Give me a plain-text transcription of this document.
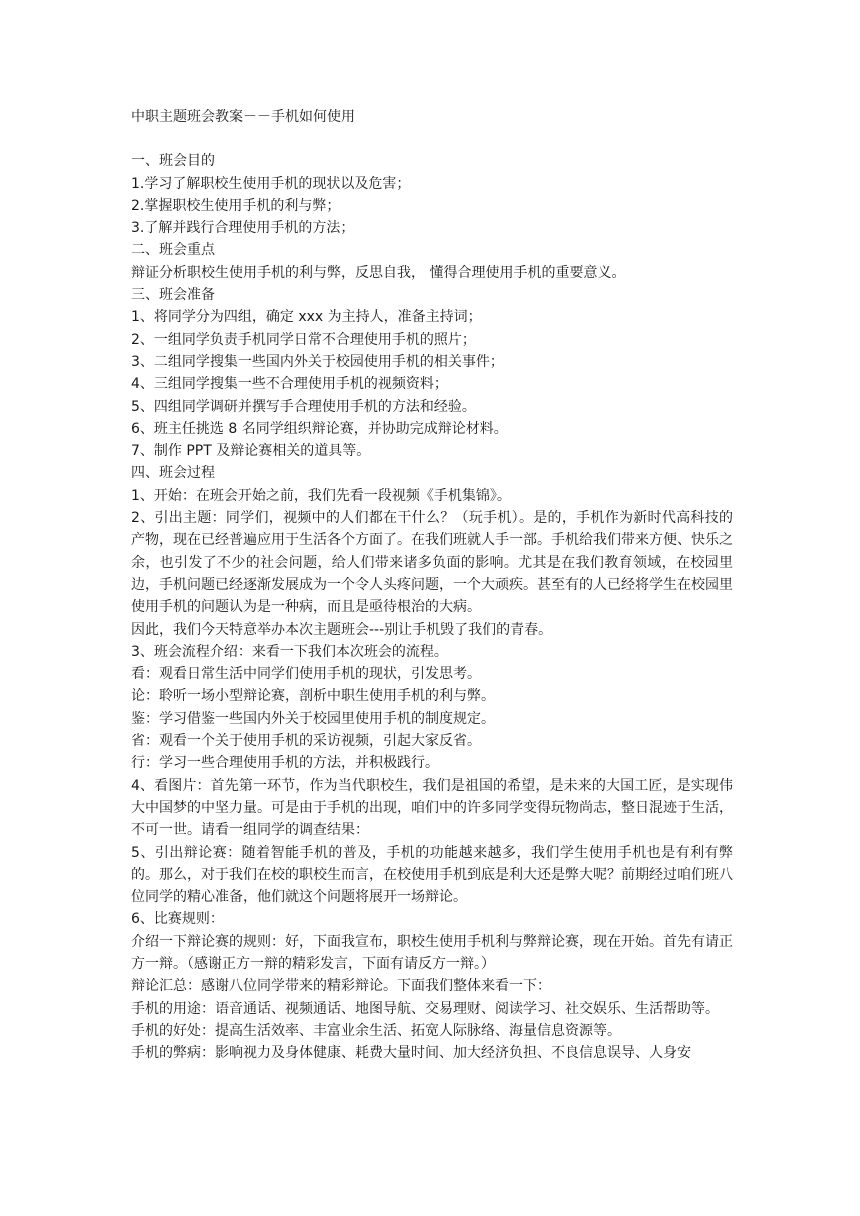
中职主题班会教案－－手机如何使用

一、班会目的

1.学习了解职校生使用手机的现状以及危害；

2.掌握职校生使用手机的利与弊；

3.了解并践行合理使用手机的方法；

二、班会重点

辩证分析职校生使用手机的利与弊，反思自我， 懂得合理使用手机的重要意义。

三、班会准备

1、将同学分为四组，确定 xxx 为主持人，准备主持词；

2、一组同学负责手机同学日常不合理使用手机的照片；

3、二组同学搜集一些国内外关于校园使用手机的相关事件；

4、三组同学搜集一些不合理使用手机的视频资料；

5、四组同学调研并撰写手合理使用手机的方法和经验。

6、班主任挑选 8 名同学组织辩论赛，并协助完成辩论材料。

7、制作 PPT 及辩论赛相关的道具等。

四、班会过程

1、开始：在班会开始之前，我们先看一段视频《手机集锦》。

2、引出主题：同学们，视频中的人们都在干什么？（玩手机）。是的，手机作为新时代高科技的产物，现在已经普遍应用于生活各个方面了。在我们班就人手一部。手机给我们带来方便、快乐之余，也引发了不少的社会问题，给人们带来诸多负面的影响。尤其是在我们教育领域，在校园里边，手机问题已经逐渐发展成为一个令人头疼问题，一个大顽疾。甚至有的人已经将学生在校园里使用手机的问题认为是一种病，而且是亟待根治的大病。

因此，我们今天特意举办本次主题班会---别让手机毁了我们的青春。

3、班会流程介绍：来看一下我们本次班会的流程。

看：观看日常生活中同学们使用手机的现状，引发思考。

论：聆听一场小型辩论赛，剖析中职生使用手机的利与弊。

鉴：学习借鉴一些国内外关于校园里使用手机的制度规定。

省：观看一个关于使用手机的采访视频，引起大家反省。

行：学习一些合理使用手机的方法，并积极践行。

4、看图片：首先第一环节，作为当代职校生，我们是祖国的希望，是未来的大国工匠，是实现伟大中国梦的中坚力量。可是由于手机的出现，咱们中的许多同学变得玩物尚志，整日混迹于生活， 不可一世。请看一组同学的调查结果：

5、引出辩论赛：随着智能手机的普及，手机的功能越来越多，我们学生使用手机也是有利有弊的。那么，对于我们在校的职校生而言，在校使用手机到底是利大还是弊大呢？前期经过咱们班八位同学的精心准备，他们就这个问题将展开一场辩论。

6、比赛规则：

介绍一下辩论赛的规则：好，下面我宣布，职校生使用手机利与弊辩论赛，现在开始。首先有请正方一辩。（感谢正方一辩的精彩发言，下面有请反方一辩。）

辩论汇总：感谢八位同学带来的精彩辩论。下面我们整体来看一下：

手机的用途：语音通话、视频通话、地图导航、交易理财、阅读学习、社交娱乐、生活帮助等。

手机的好处：提高生活效率、丰富业余生活、拓宽人际脉络、海量信息资源等。

手机的弊病：影响视力及身体健康、耗费大量时间、加大经济负担、不良信息误导、人身安
